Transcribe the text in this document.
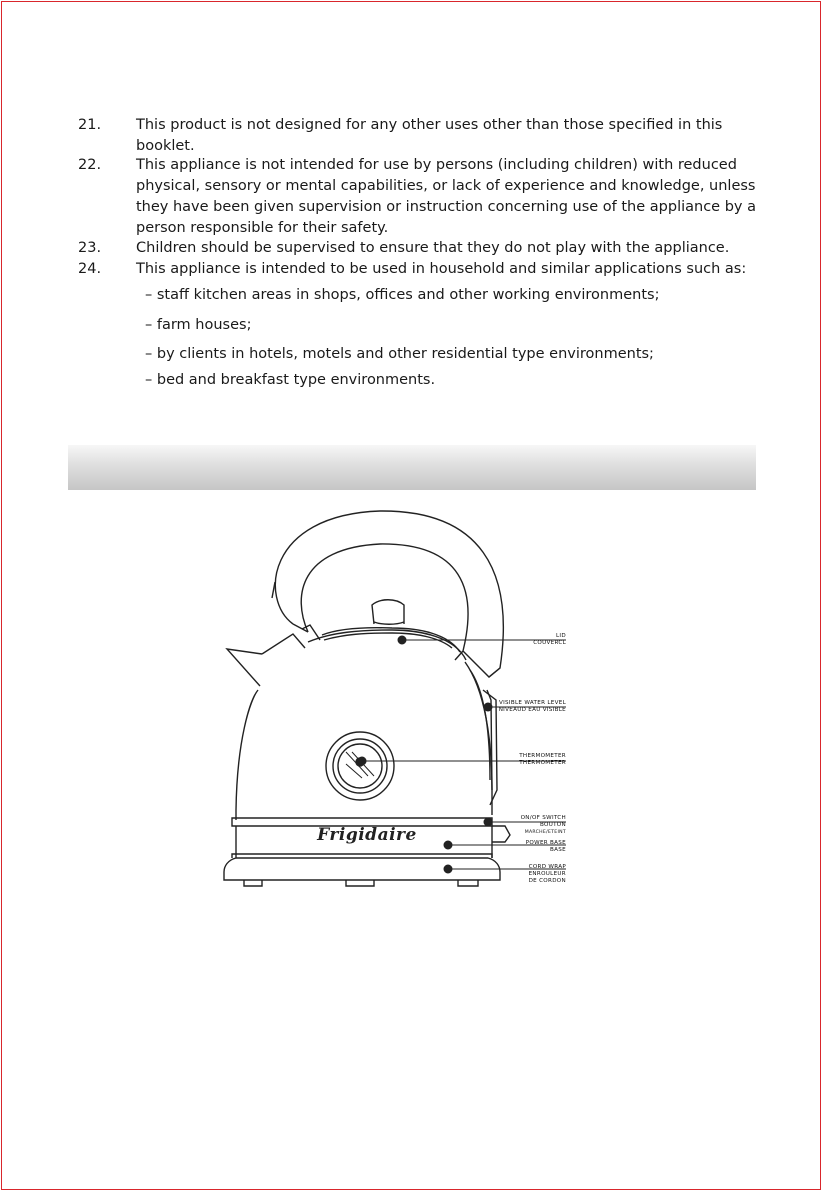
21. This product is not designed for any other uses other than those specified in this booklet.
22. This appliance is not intended for use by persons (including children) with reduced physical, sensory or mental capabilities, or lack of experience and knowledge, unless they have been given supervision or instruction concerning use of the appliance by a person responsible for their safety.
23. Children should be supervised to ensure that they do not play with the appliance.
24. This appliance is intended to be used in household and similar applications such as:
– staff kitchen areas in shops, offices and other working environments;
– farm houses;
– by clients in hotels, motels and other residential type environments;
– bed and breakfast type environments.
Frigidaire
LID
COUVERCL
VISIBLE WATER LEVEL
NIVEAUD EAU VISIBLE
THERMOMETER
THERMOMETER
ON/OF SWITCH
BOUTON
MARCHE/ETEINT
POWER BASE
BASE
CORD WRAP
ENROULEUR
DE CORDON
